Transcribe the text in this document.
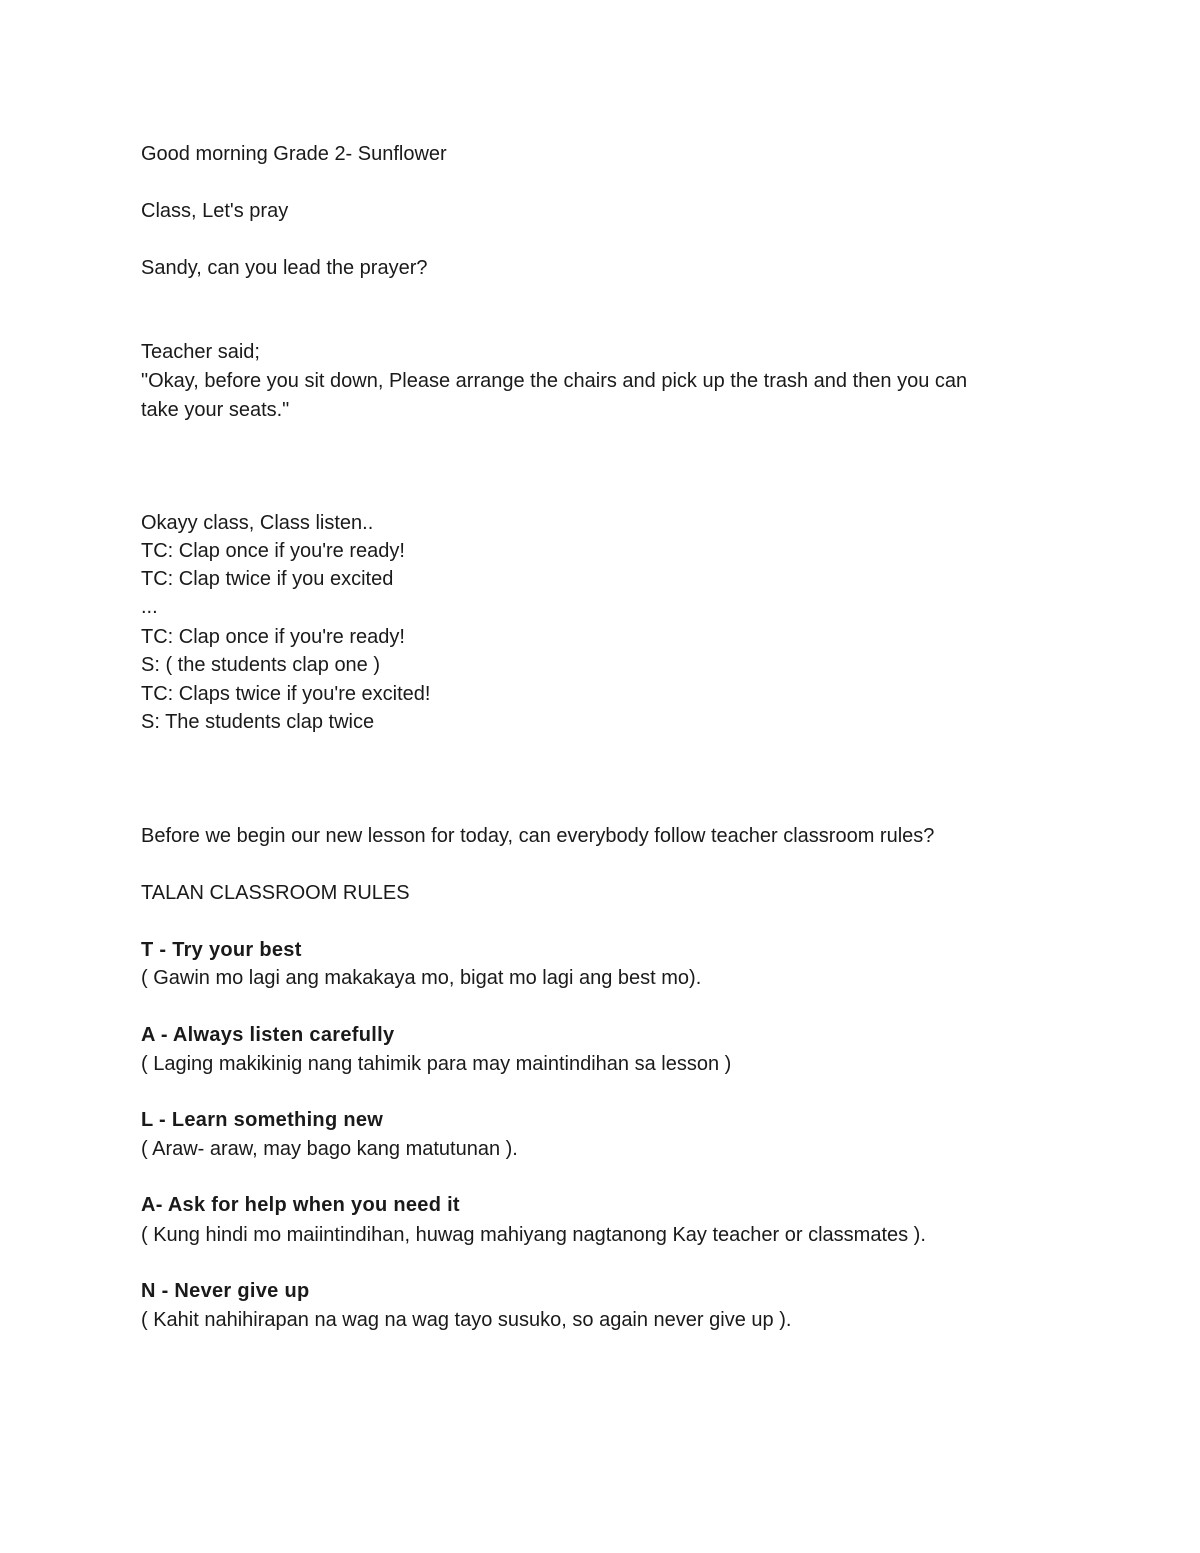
Good morning Grade 2- Sunflower
Class, Let's pray
Sandy, can you lead the prayer?
Teacher said;
"Okay, before you sit down, Please arrange the chairs and pick up the trash and then you can
take your seats."
Okayy class, Class listen..
TC: Clap once if you're ready!
TC: Clap twice if you excited
...
TC: Clap once if you're ready!
S: ( the students clap one )
TC: Claps twice if you're excited!
S: The students clap twice
Before we begin our new lesson for today, can everybody follow teacher classroom rules?
TALAN CLASSROOM RULES
T - Try your best
( Gawin mo lagi ang makakaya mo, bigat mo lagi ang best mo).
A - Always listen carefully
( Laging makikinig nang tahimik para may maintindihan sa lesson )
L - Learn something new
( Araw- araw, may bago kang matutunan ).
A- Ask for help when you need it
( Kung hindi mo maiintindihan, huwag mahiyang nagtanong Kay teacher or classmates ).
N - Never give up
( Kahit nahihirapan na wag na wag tayo susuko, so again never give up ).
